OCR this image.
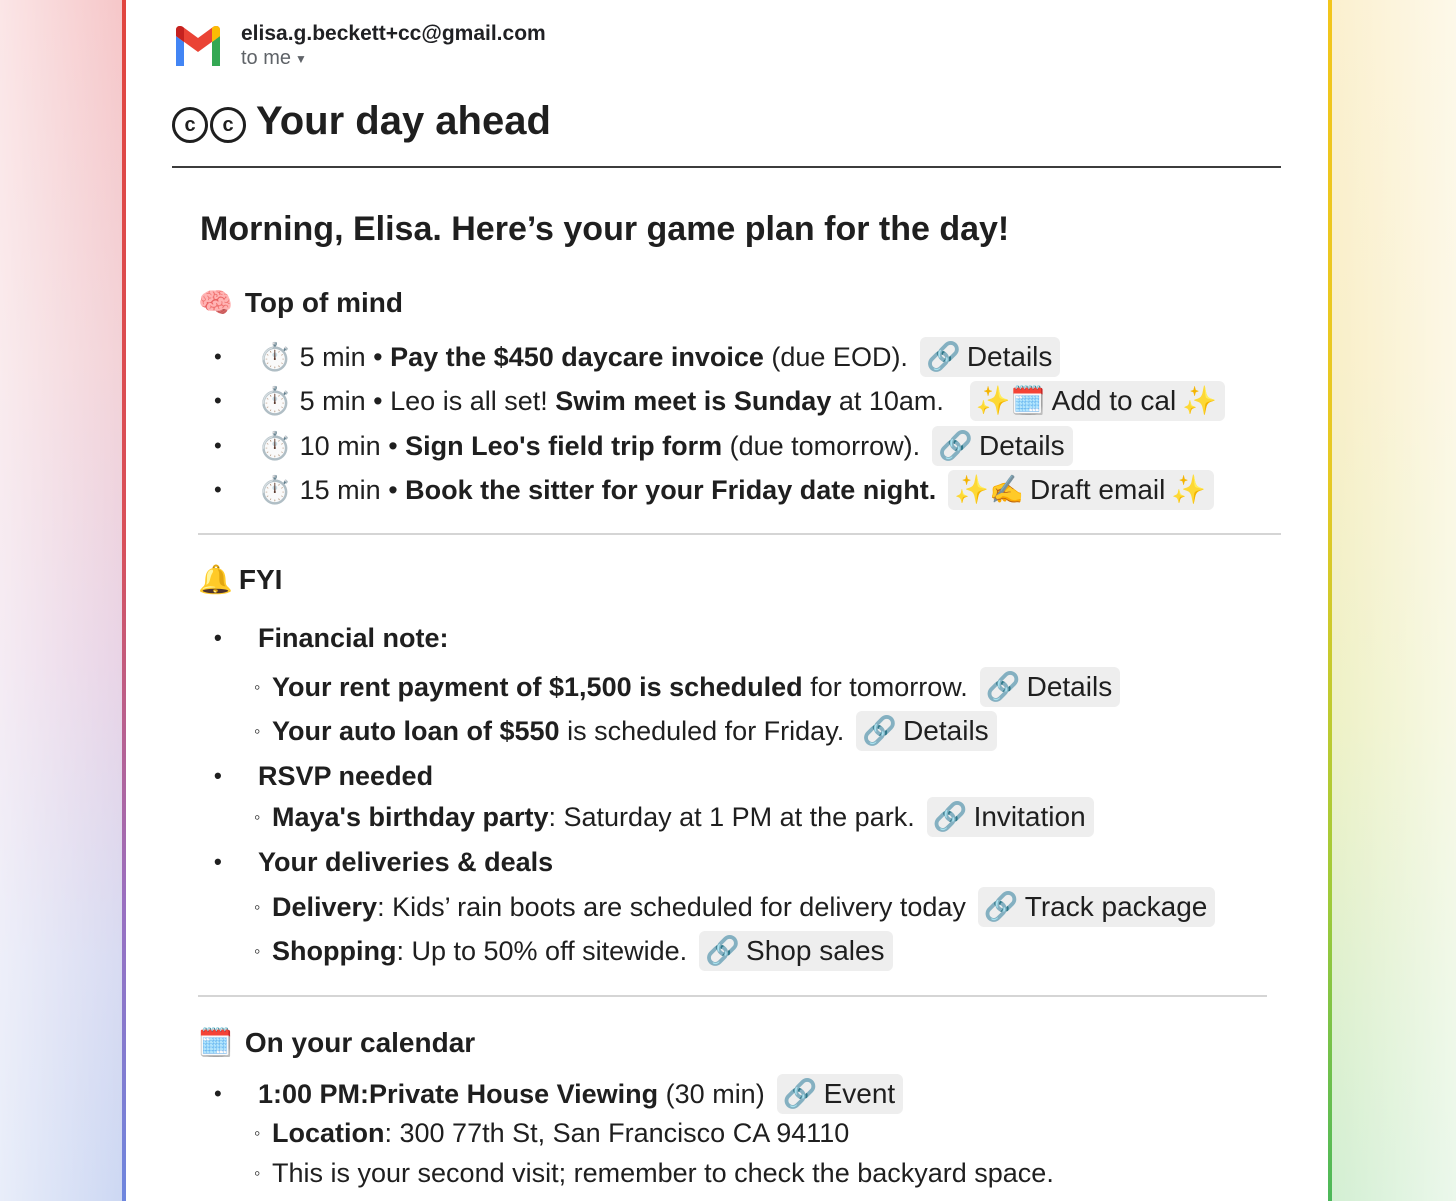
elisa.g.beckett+cc@gmail.com
to me ▼
c c Your day ahead
Morning, Elisa. Here’s your game plan for the day!
🧠 Top of mind
•	⏱️ 5 min
•
Pay the $450 daycare invoice
(due EOD). 🔗 Details
•	⏱️ 5 min
•
Leo is all set!
Swim meet is Sunday
at 10am. ✨ 🗓️ Add to cal ✨
•	⏱️ 10 min
•
Sign Leo's field trip form
(due tomorrow). 🔗 Details
•	⏱️ 15 min
•
Book the sitter for your Friday date night. ✨ ✍️ Draft email ✨
🔔 FYI
•	Financial note:
◦ Your rent payment of $1,500 is scheduled
for tomorrow. 🔗 Details
◦ Your auto loan of $550
is scheduled for Friday. 🔗 Details
•	RSVP needed
◦ Maya's birthday party : Saturday at 1 PM at the park. 🔗 Invitation
•	Your deliveries & deals
◦ Delivery : Kids’ rain boots are scheduled for delivery today 🔗 Track package
◦ Shopping : Up to 50% off sitewide. 🔗 Shop sales
🗓️ On your calendar
•	1:00 PM : Private House Viewing
(30 min) 🔗 Event
◦ Location : 300 77th St, San Francisco CA 94110
◦ This is your second visit; remember to check the backyard space.
